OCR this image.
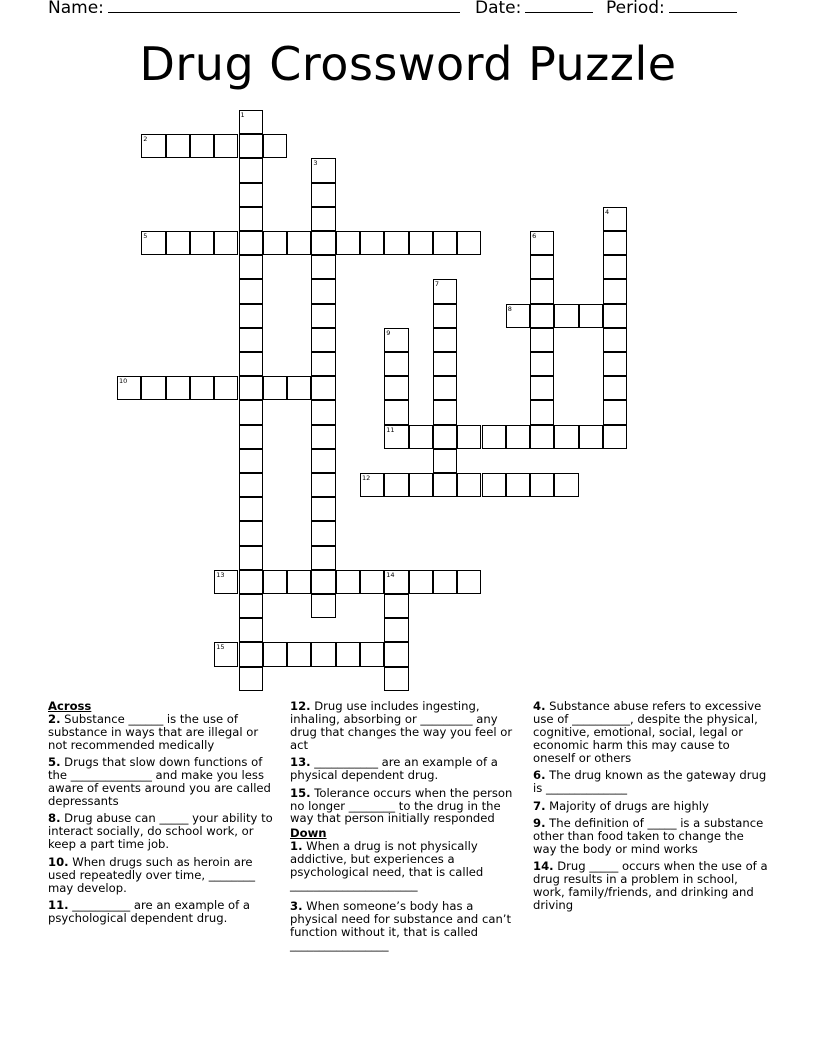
Name:	Date:	Period:
Drug Crossword Puzzle
1
2
3
4
5	6
7
8
9
11
10
12
13	14
15

Across

2. Substance ______ is the use of substance in ways that are illegal or not recommended medically

5. Drugs that slow down functions of the ______________ and make you less aware of events around you are called depressants

8. Drug abuse can _____ your ability to interact socially, do school work, or keep a part time job.

10. When drugs such as heroin are used repeatedly over time, ________ may develop.

11. __________ are an example of a psychological dependent drug.

12. Drug use includes ingesting, inhaling, absorbing or _________ any drug that changes the way you feel or act

13. ___________ are an example of a physical dependent drug.

15. Tolerance occurs when the person no longer ________ to the drug in the way that person initially responded

Down

1. When a drug is not physically addictive, but experiences a psychological need, that is called ______________________

3. When someone’s body has a physical need for substance and can’t function without it, that is called _________________

4. Substance abuse refers to excessive use of __________, despite the physical, cognitive, emotional, social, legal or economic harm this may cause to oneself or others

6. The drug known as the gateway drug is ______________

7. Majority of drugs are highly

9. The definition of _____ is a substance other than food taken to change the way the body or mind works

14. Drug _____ occurs when the use of a drug results in a problem in school, work, family/friends, and drinking and driving
